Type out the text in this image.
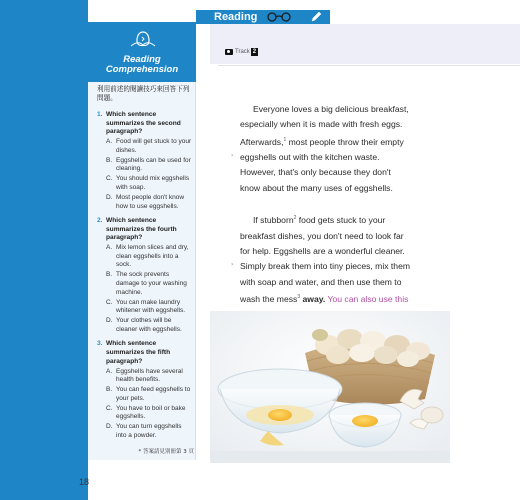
18
Reading
Comprehension
利用前述的閱讀技巧來回答下列問題。
1. Which sentence summarizes the second paragraph?
A. Food will get stuck to your dishes.
B. Eggshells can be used for cleaning.
C. You should mix eggshells with soap.
D. Most people don't know how to use eggshells.
2. Which sentence summarizes the fourth paragraph?
A. Mix lemon slices and dry, clean eggshells into a sock.
B. The sock prevents damage to your washing machine.
C. You can make laundry whitener with eggshells.
D. Your clothes will be cleaner with eggshells.
3. Which sentence summarizes the fifth paragraph?
A. Eggshells have several health benefits.
B. You can feed eggshells to your pets.
C. You have to boil or bake eggshells.
D. You can turn eggshells into a powder.
* 答案請見別冊第 3 頁
Reading
Track 2

Everyone loves a big delicious breakfast, especially when it is made with fresh eggs. Afterwards,$^1$ most people throw their empty eggshells out with the kitchen waste. However, that's only because they don't know about the many uses of eggshells.

If stubborn$^2$ food gets stuck to your breakfast dishes, you don't need to look far for help. Eggshells are a wonderful cleaner. Simply break them into tiny pieces, mix them with soap and water, and then use them to wash the mess$^3$ away. You can also use this

›
›
